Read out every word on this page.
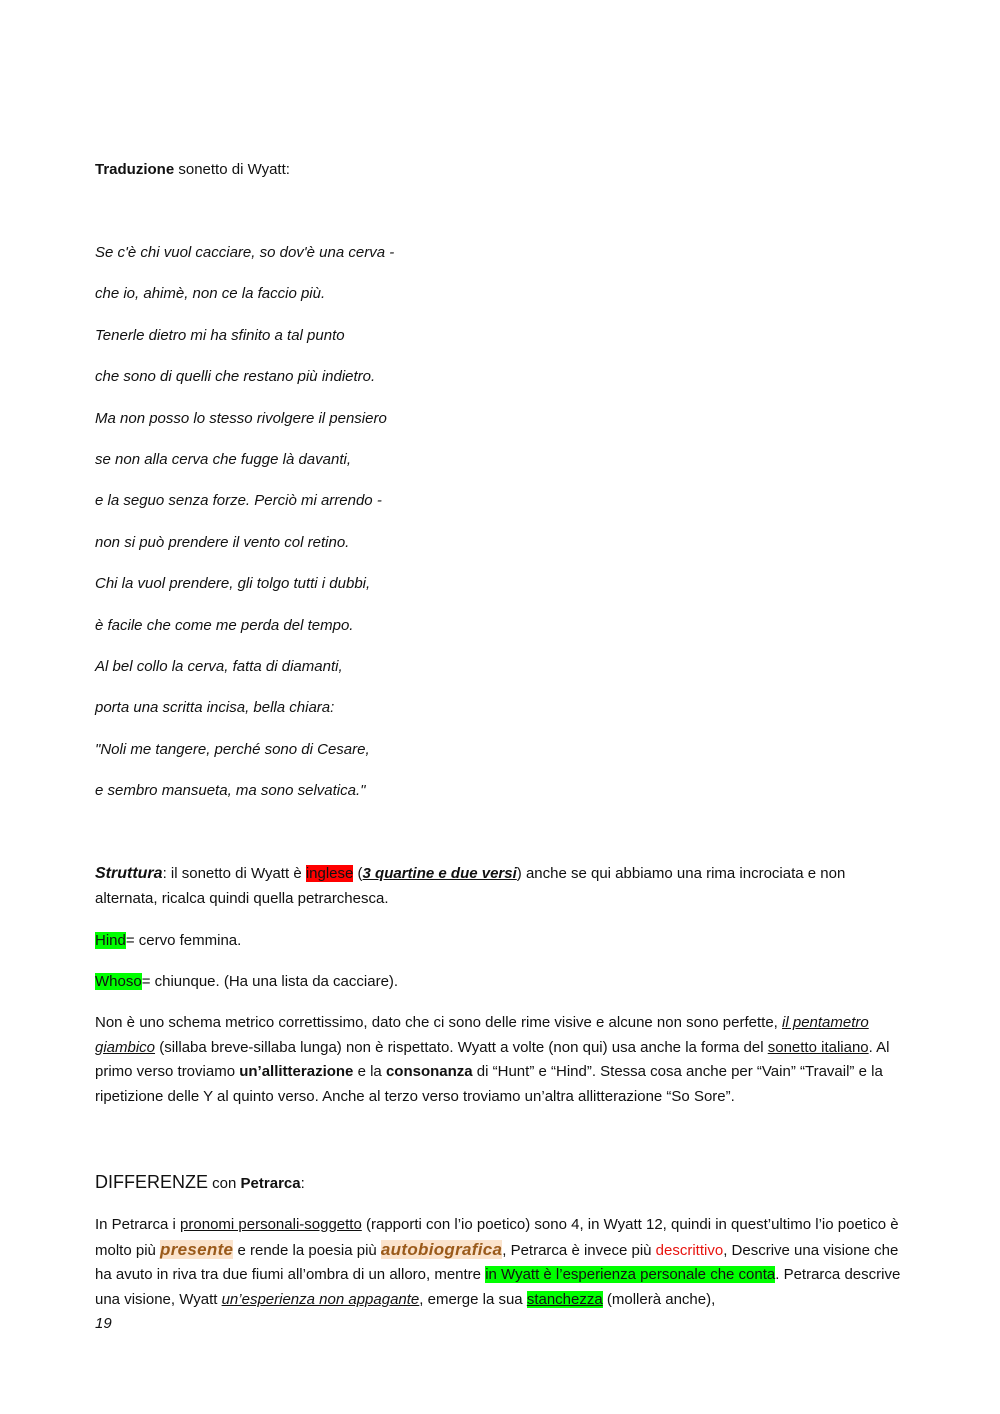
Traduzione sonetto di Wyatt:
Se c'è chi vuol cacciare, so dov'è una cerva -
che io, ahimè, non ce la faccio più.
Tenerle dietro mi ha sfinito a tal punto
che sono di quelli che restano più indietro.
Ma non posso lo stesso rivolgere il pensiero
se non alla cerva che fugge là davanti,
e la seguo senza forze. Perciò mi arrendo -
non si può prendere il vento col retino.
Chi la vuol prendere, gli tolgo tutti i dubbi,
è facile che come me perda del tempo.
Al bel collo la cerva, fatta di diamanti,
porta una scritta incisa, bella chiara:
"Noli me tangere, perché sono di Cesare,
e sembro mansueta, ma sono selvatica."
Struttura: il sonetto di Wyatt è inglese (3 quartine e due versi) anche se qui abbiamo una rima incrociata e non alternata, ricalca quindi quella petrarchesca.
Hind= cervo femmina.
Whoso= chiunque. (Ha una lista da cacciare).
Non è uno schema metrico correttissimo, dato che ci sono delle rime visive e alcune non sono perfette, il pentametro giambico (sillaba breve-sillaba lunga) non è rispettato. Wyatt a volte (non qui) usa anche la forma del sonetto italiano. Al primo verso troviamo un’allitterazione e la consonanza di “Hunt” e “Hind”. Stessa cosa anche per “Vain” “Travail” e la ripetizione delle Y al quinto verso. Anche al terzo verso troviamo un’altra allitterazione “So Sore”.
DIFFERENZE con Petrarca:
In Petrarca i pronomi personali-soggetto (rapporti con l’io poetico) sono 4, in Wyatt 12, quindi in quest’ultimo l’io poetico è molto più presente e rende la poesia più autobiografica, Petrarca è invece più descrittivo, Descrive una visione che ha avuto in riva tra due fiumi all’ombra di un alloro, mentre in Wyatt è l’esperienza personale che conta. Petrarca descrive una visione, Wyatt un’esperienza non appagante, emerge la sua stanchezza (mollerà anche),
19
